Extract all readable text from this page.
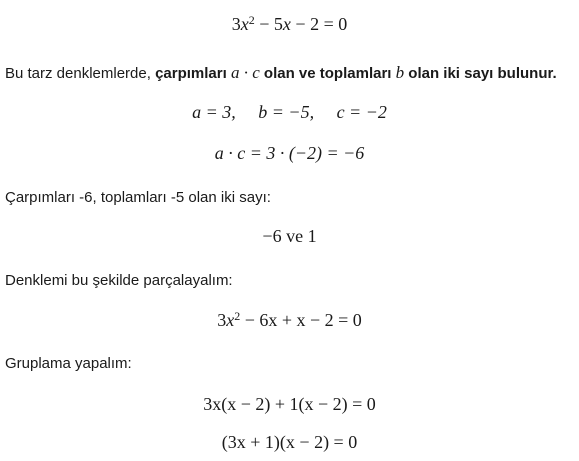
$3x^2 - 5x - 2 = 0$
Bu tarz denklemlerde, çarpımları a · c olan ve toplamları b olan iki sayı bulunur.
a = 3,     b = −5,     c = −2
a · c = 3 · (−2) = −6
Çarpımları -6, toplamları -5 olan iki sayı:
−6 ve 1
Denklemi bu şekilde parçalayalım:
$3x^2 - 6x + x - 2 = 0$
Gruplama yapalım:
3x(x − 2) + 1(x − 2) = 0
(3x + 1)(x − 2) = 0
